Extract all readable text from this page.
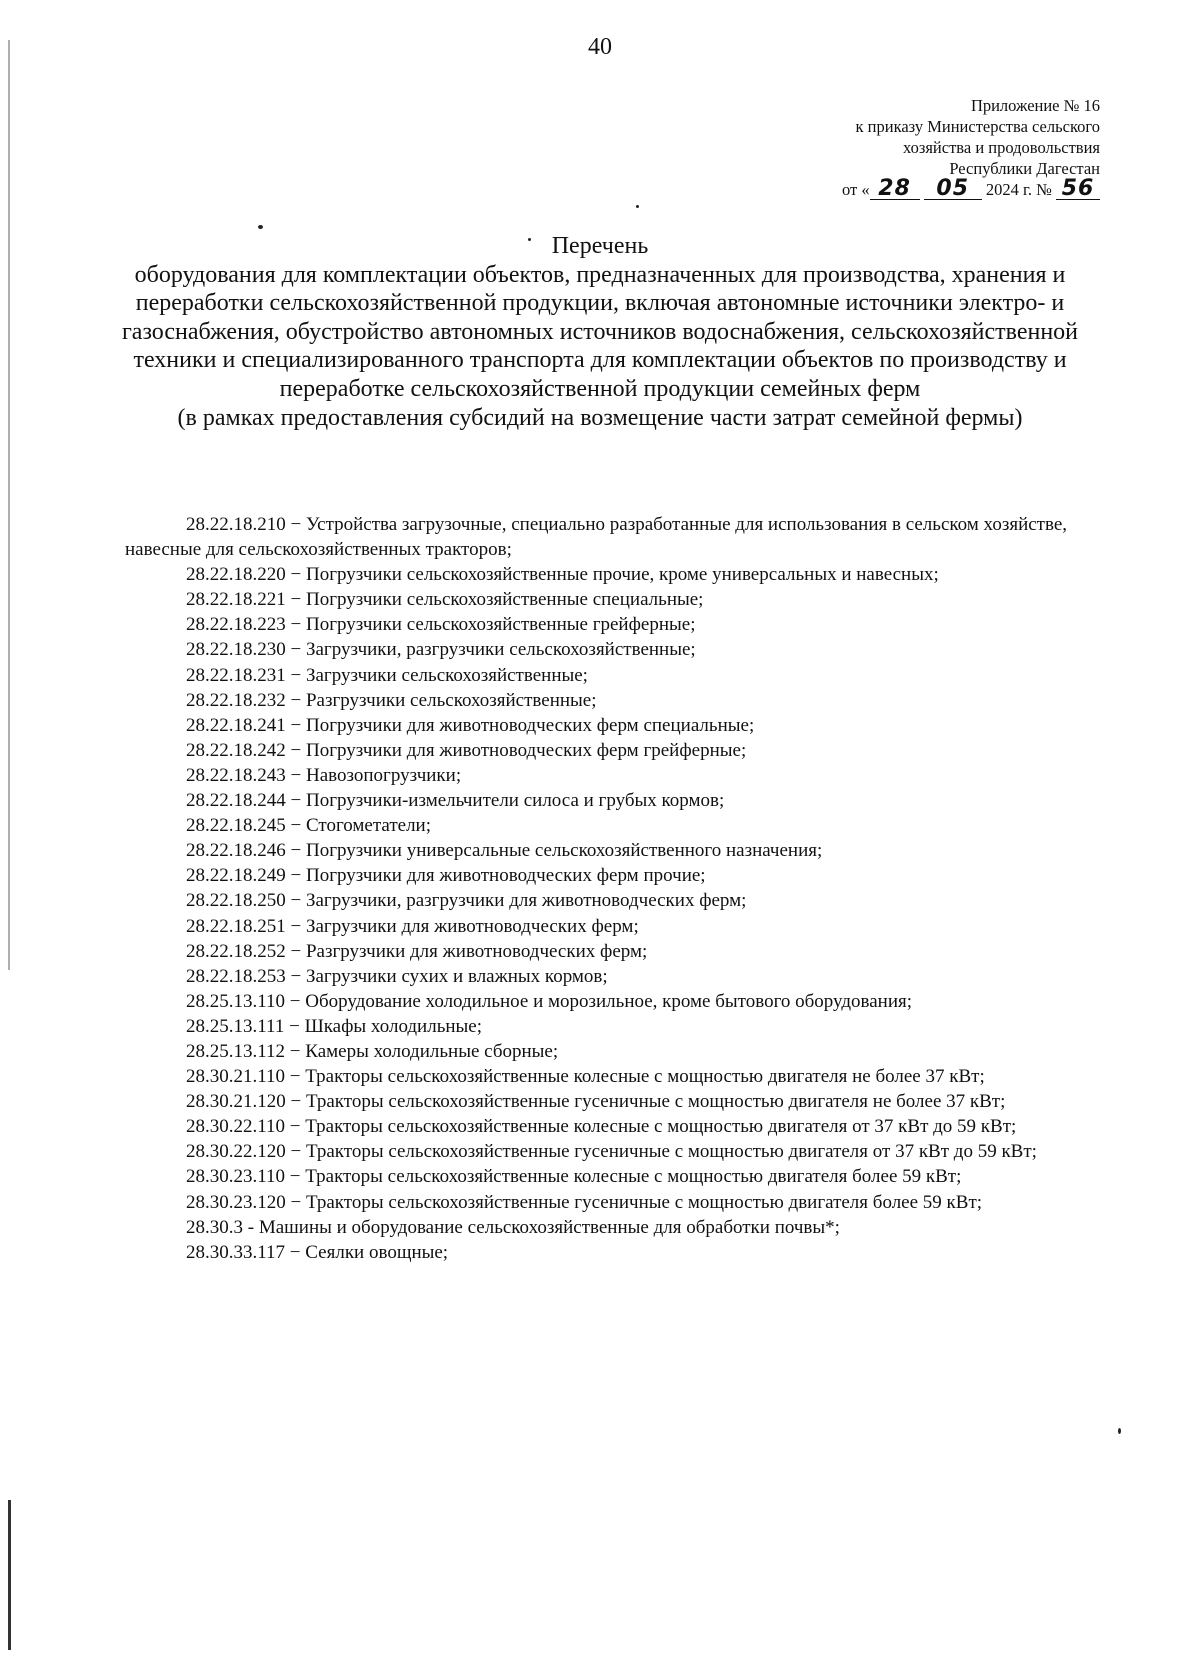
40
Приложение № 16
к приказу Министерства сельского
хозяйства и продовольствия
Республики Дагестан
от « 28 05 2024 г. № 56
Перечень
оборудования для комплектации объектов, предназначенных для производства, хранения и переработки сельскохозяйственной продукции, включая автономные источники электро- и газоснабжения, обустройство автономных источников водоснабжения, сельскохозяйственной техники и специализированного транспорта для комплектации объектов по производству и переработке сельскохозяйственной продукции семейных ферм
(в рамках предоставления субсидий на возмещение части затрат семейной фермы)

28.22.18.210 − Устройства загрузочные, специально разработанные для использования в сельском хозяйстве, навесные для сельскохозяйственных тракторов;

28.22.18.220 − Погрузчики сельскохозяйственные прочие, кроме универсальных и навесных;

28.22.18.221 − Погрузчики сельскохозяйственные специальные;

28.22.18.223 − Погрузчики сельскохозяйственные грейферные;

28.22.18.230 − Загрузчики, разгрузчики сельскохозяйственные;

28.22.18.231 − Загрузчики сельскохозяйственные;

28.22.18.232 − Разгрузчики сельскохозяйственные;

28.22.18.241 − Погрузчики для животноводческих ферм специальные;

28.22.18.242 − Погрузчики для животноводческих ферм грейферные;

28.22.18.243 − Навозопогрузчики;

28.22.18.244 − Погрузчики-измельчители силоса и грубых кормов;

28.22.18.245 − Стогометатели;

28.22.18.246 − Погрузчики универсальные сельскохозяйственного назначения;

28.22.18.249 − Погрузчики для животноводческих ферм прочие;

28.22.18.250 − Загрузчики, разгрузчики для животноводческих ферм;

28.22.18.251 − Загрузчики для животноводческих ферм;

28.22.18.252 − Разгрузчики для животноводческих ферм;

28.22.18.253 − Загрузчики сухих и влажных кормов;

28.25.13.110 − Оборудование холодильное и морозильное, кроме бытового оборудования;

28.25.13.111 − Шкафы холодильные;

28.25.13.112 − Камеры холодильные сборные;

28.30.21.110 − Тракторы сельскохозяйственные колесные с мощностью двигателя не более 37 кВт;

28.30.21.120 − Тракторы сельскохозяйственные гусеничные с мощностью двигателя не более 37 кВт;

28.30.22.110 − Тракторы сельскохозяйственные колесные с мощностью двигателя от 37 кВт до 59 кВт;

28.30.22.120 − Тракторы сельскохозяйственные гусеничные с мощностью двигателя от 37 кВт до 59 кВт;

28.30.23.110 − Тракторы сельскохозяйственные колесные с мощностью двигателя более 59 кВт;

28.30.23.120 − Тракторы сельскохозяйственные гусеничные с мощностью двигателя более 59 кВт;

28.30.3 - Машины и оборудование сельскохозяйственные для обработки почвы*;

28.30.33.117 − Сеялки овощные;
